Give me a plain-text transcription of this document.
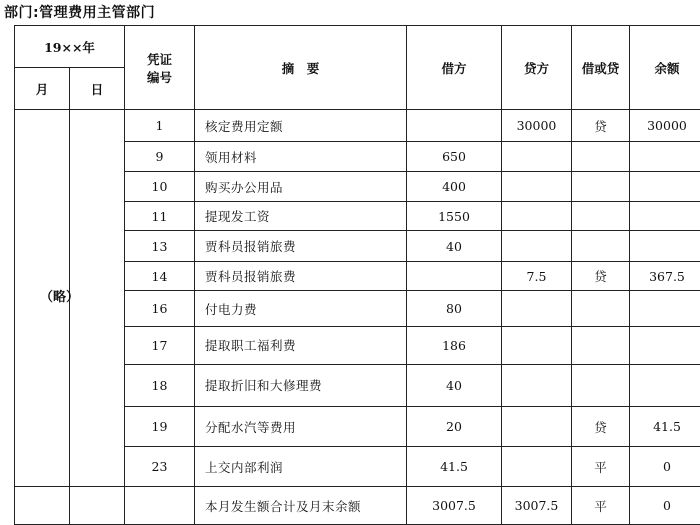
部门:管理费用主管部门
19××年		凭证
编号	摘　要	借方	贷方	借或贷	余额
月	日						
		1	核定费用定额		30000	贷	30000
		9	领用材料	650			
		10	购买办公用品	400			
		11	提现发工资	1550			
		13	贾科员报销旅费	40			
		14	贾科员报销旅费		7.5	贷	367.5
		16	付电力费	80			
		17	提取职工福利费	186			
		18	提取折旧和大修理费	40			
		19	分配水汽等费用	20		贷	41.5
		23	上交内部利润	41.5		平	0
			本月发生额合计及月末余额	3007.5	3007.5	平	0
（略）
